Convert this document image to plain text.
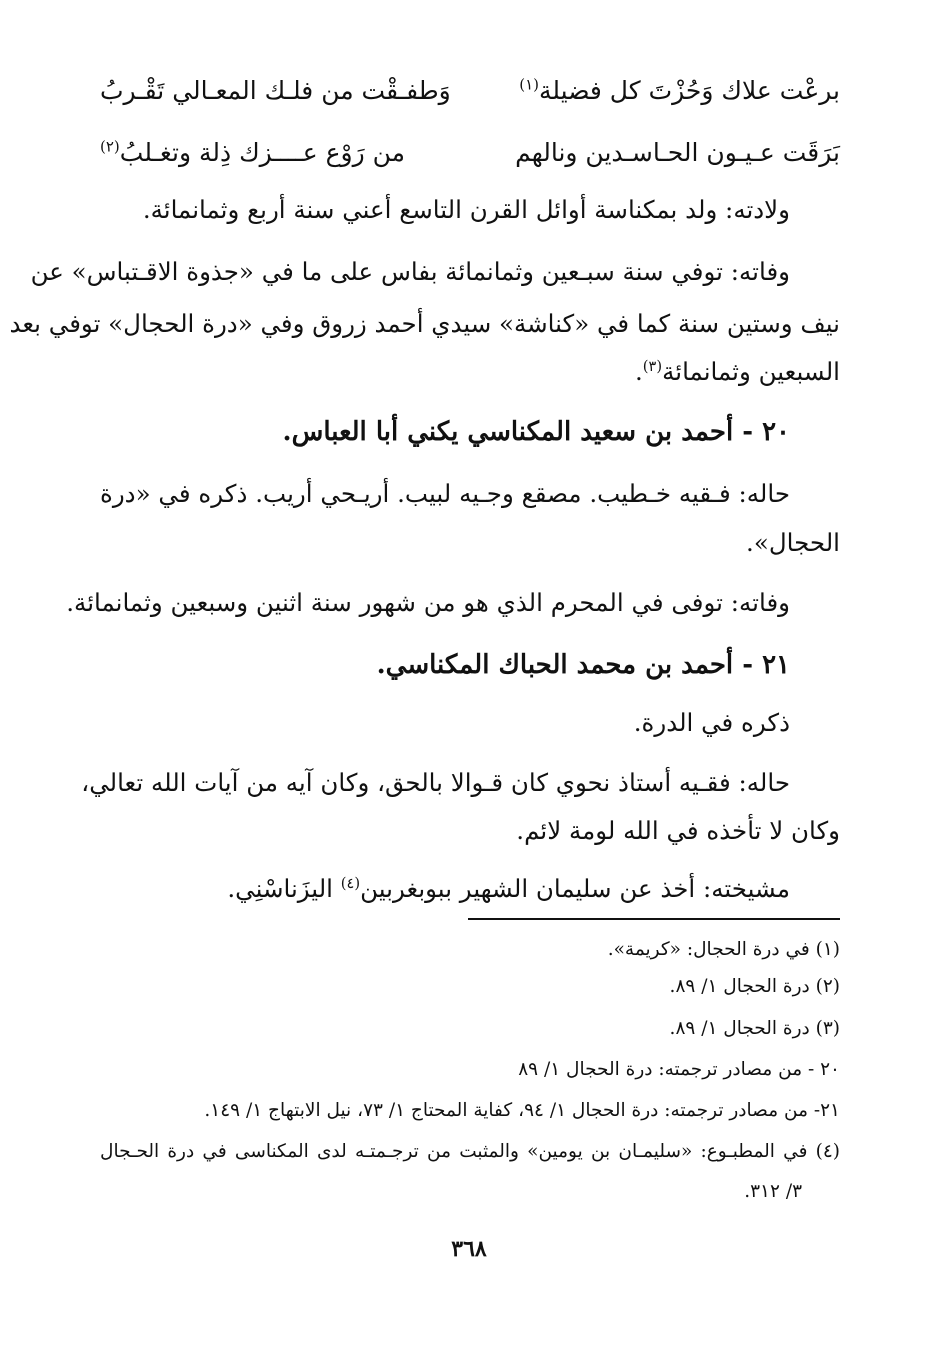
برعْت علاك وَحُزْتَ كل فضيلة$^{(١)}$
وَطفـقْت من فلـك المعـالي تَقْـربُ
بَرَقَت عـيـون الحـاسـدين ونالهم
من رَوْع عــــزك ذِلة وتغـلبُ$^{(٢)}$
ولادته: ولد بمكناسة أوائل القرن التاسع أعني سنة أربع وثمانمائة.
وفاته: توفي سنة سبـعين وثمانمائة بفاس على ما في «جذوة الاقـتباس» عن
نيف وستين سنة كما في «كناشة» سيدي أحمد زروق وفي «درة الحجال» توفي بعد
السبعين وثمانمائة$^{(٣)}$.
٢٠ - أحمد بن سعيد المكناسي يكني أبا العباس.
حاله: فـقيه خـطيب. مصقع وجـيه لبيب. أريـحي أريب. ذكره في «درة
الحجال».
وفاته: توفى في المحرم الذي هو من شهور سنة اثنين وسبعين وثمانمائة.
٢١ - أحمد بن محمد الحباك المكناسي.
ذكره في الدرة.
حاله: فقـيه أستاذ نحوي كان قـوالا بالحق، وكان آيه من آيات الله تعالي،
وكان لا تأخذه في الله لومة لائم.
مشيخته: أخذ عن سليمان الشهير ببوبغربين$^{(٤)}$ اليزَناسْنِي.
(١) في درة الحجال: «كريمة».
(٢) درة الحجال ١/ ٨٩.
(٣) درة الحجال ١/ ٨٩.
٢٠ - من مصادر ترجمته: درة الحجال ١/ ٨٩
٢١- من مصادر ترجمته: درة الحجال ١/ ٩٤، كفاية المحتاج ١/ ٧٣، نيل الابتهاج ١/ ١٤٩.
(٤) في المطبـوع: «سليمـان بن يومين» والمثبت من ترجـمتـه لدى المكناسى في درة الحـجال
٣/ ٣١٢.
٣٦٨
